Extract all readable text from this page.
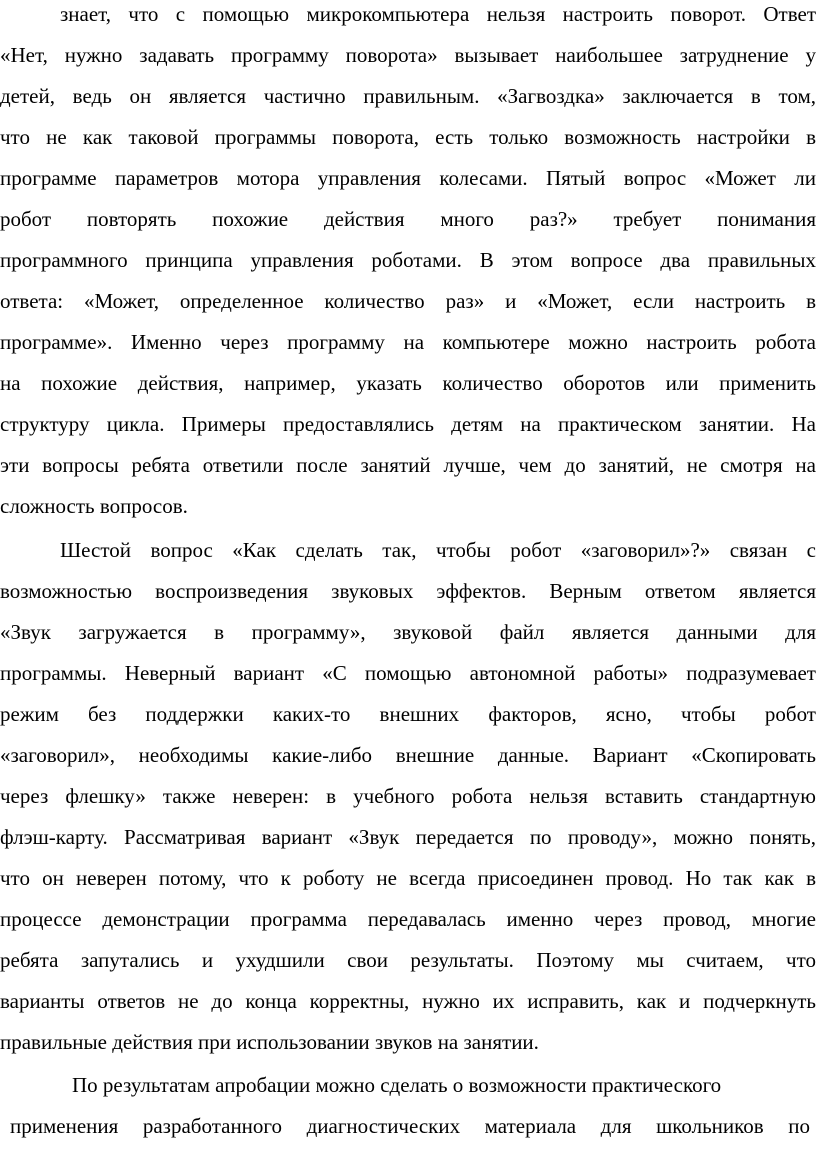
знает, что с помощью микрокомпьютера нельзя настроить поворот. Ответ
«Нет, нужно задавать программу поворота» вызывает наибольшее затруднение у
детей, ведь он является частично правильным. «Загвоздка» заключается в том,
что не как таковой программы поворота, есть только возможность настройки в
программе параметров мотора управления колесами. Пятый вопрос «Может ли
робот повторять похожие действия много раз?» требует понимания
программного принципа управления роботами. В этом вопросе два правильных
ответа: «Может, определенное количество раз» и «Может, если настроить в
программе». Именно через программу на компьютере можно настроить робота
на похожие действия, например, указать количество оборотов или применить
структуру цикла. Примеры предоставлялись детям на практическом занятии. На
эти вопросы ребята ответили после занятий лучше, чем до занятий, не смотря на
сложность вопросов.
Шестой вопрос «Как сделать так, чтобы робот «заговорил»?» связан с
возможностью воспроизведения звуковых эффектов. Верным ответом является
«Звук загружается в программу», звуковой файл является данными для
программы. Неверный вариант «С помощью автономной работы» подразумевает
режим без поддержки каких-то внешних факторов, ясно, чтобы робот
«заговорил», необходимы какие-либо внешние данные. Вариант «Скопировать
через флешку» также неверен: в учебного робота нельзя вставить стандартную
флэш-карту. Рассматривая вариант «Звук передается по проводу», можно понять,
что он неверен потому, что к роботу не всегда присоединен провод. Но так как в
процессе демонстрации программа передавалась именно через провод, многие
ребята запутались и ухудшили свои результаты. Поэтому мы считаем, что
варианты ответов не до конца корректны, нужно их исправить, как и подчеркнуть
правильные действия при использовании звуков на занятии.
По результатам апробации можно сделать о возможности практического
применения разработанного диагностических материала для школьников по
